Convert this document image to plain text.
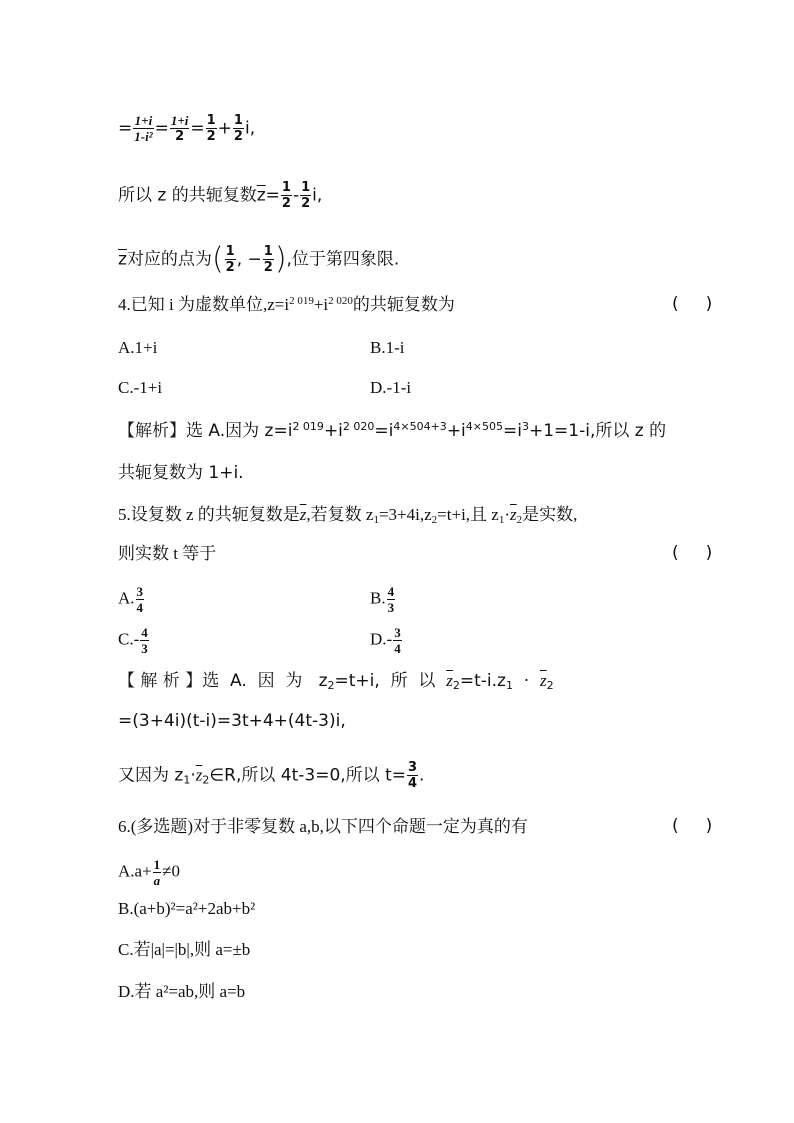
= $\frac{1+i}{\text{1-i²}} = \frac{1+i}{2} = \frac{1}{2} + \frac{1}{2} i$,
所以 z 的共轭复数$\overline{z}= \frac{1}{2} - \frac{1}{2} i$,
$\overline{z}$对应的点为( $\frac{1}{2}$ , − $\frac{1}{2}$ ),位于第四象限.
4.已知 i 为虚数单位$,z=i^{2 019}+i^{2 020}$的共轭复数为	(     )
A.1+i	B.1-i
C.-1+i	D.-1-i
【解析】选 A.因为 $z=i^{2 019}+i^{2 020}=i^{4\times 504+3}+i^{4\times 505}=i^3+1=1-i$,所以 z 的
共轭复数为 1+i.
5.设复数 z 的共轭复数是$\overline{z}$,若复数 $z_1=3+4i,z_2=t+i$,且 $z_1\cdot\overline{z}_2$是实数,
则实数 t 等于	(     )
A. $\frac{3}{4}$	B. $\frac{4}{3}$
$C.- \frac{4}{3}$	$D.- \frac{3}{4}$
【 解 析 】选  A.  因  为   $z_2=t+i$,  所  以  $\overline{z}_2=t-i.z_1 \cdot \overline{z}_2$
=(3+4i)(t-i)=3t+4+(4t-3)i,
又因为 $z_1\cdot\overline{z}_2\in R$,所以 4t-3=0,所以 $t= \frac{3}{4}$ .
6.(多选题)对于非零复数 a,b,以下四个命题一定为真的有	(     )
$A.a+ \frac{1}{a} \ne 0$
B.(a+b)²=a²+2ab+b²
C.若|a|=|b|,则 a=±b
D.若 a²=ab,则 a=b
